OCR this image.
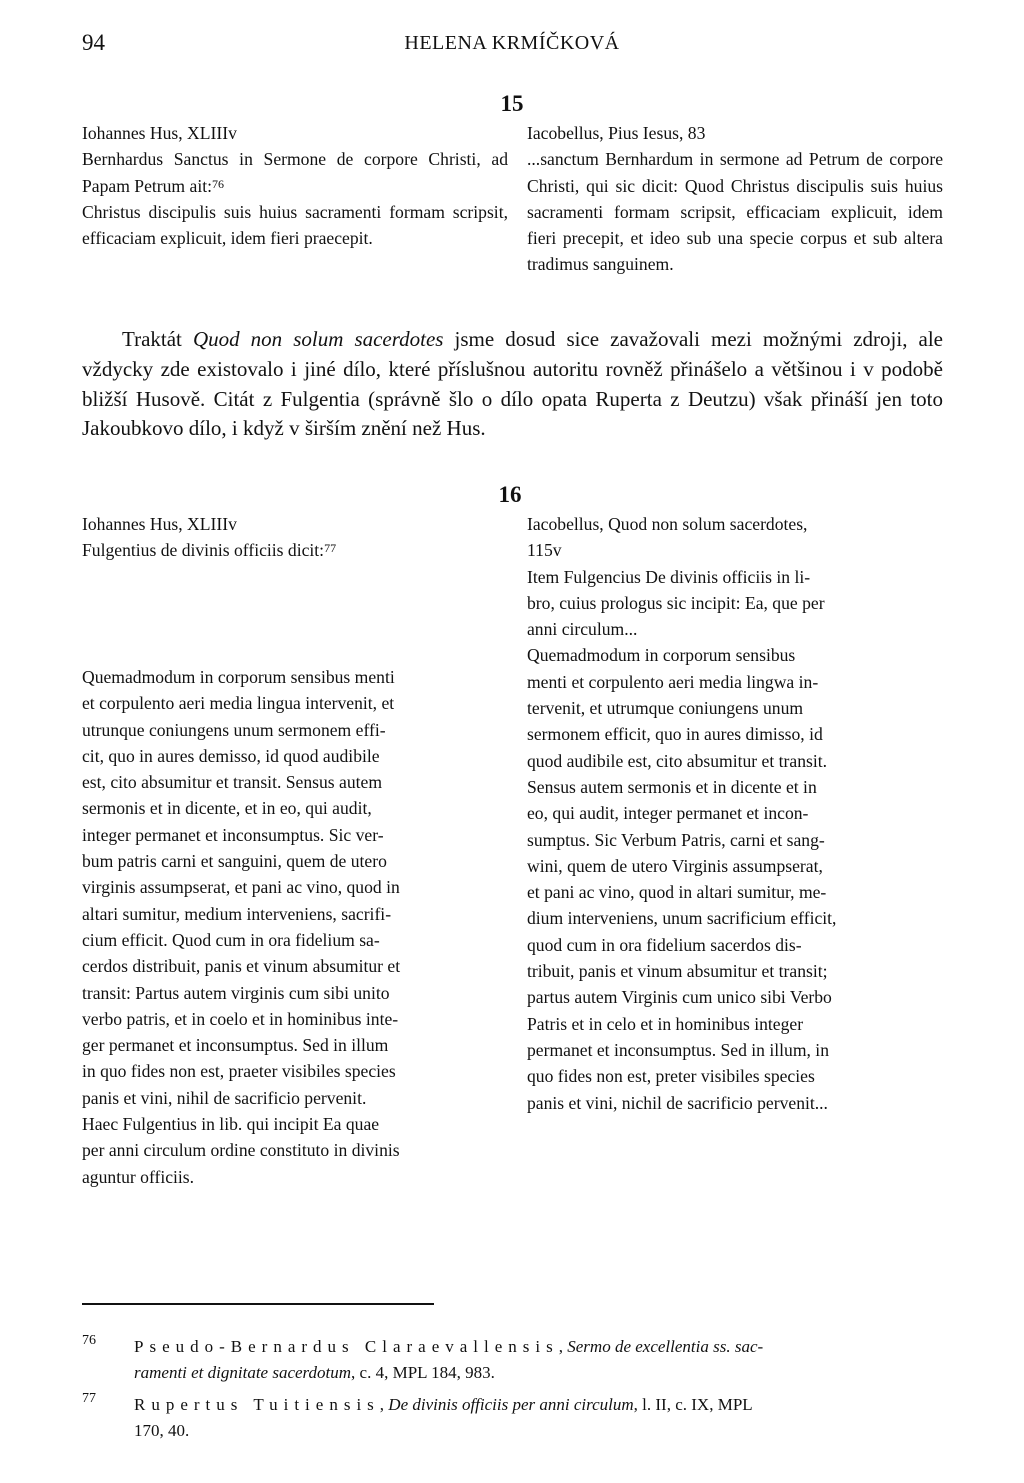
94	HELENA KRMÍČKOVÁ
15
Iohannes Hus, XLIIIv
Bernhardus Sanctus in Sermone de corpore Christi, ad Papam Petrum ait:$^{76}$
Christus discipulis suis huius sacramenti formam scripsit, efficaciam explicuit, idem fieri praecepit.
Iacobellus, Pius Iesus, 83
...sanctum Bernhardum in sermone ad Petrum de corpore Christi, qui sic dicit: Quod Christus discipulis suis huius sacramenti formam scripsit, efficaciam explicuit, idem fieri precepit, et ideo sub una specie corpus et sub altera tradimus sanguinem.
Traktát Quod non solum sacerdotes jsme dosud sice zavažovali mezi možnými zdroji, ale vždycky zde existovalo i jiné dílo, které příslušnou autoritu rovněž přinášelo a většinou i v podobě bližší Husově. Citát z Fulgentia (správně šlo o dílo opata Ruperta z Deutzu) však přináší jen toto Jakoubkovo dílo, i když v širším znění než Hus.
16
Iohannes Hus, XLIIIv
Fulgentius de divinis officiis dicit:$^{77}$
Quemadmodum in corporum sensibus menti
et corpulento aeri media lingua intervenit, et
utrunque coniungens unum sermonem effi-
cit, quo in aures demisso, id quod audibile
est, cito absumitur et transit. Sensus autem
sermonis et in dicente, et in eo, qui audit,
integer permanet et inconsumptus. Sic ver-
bum patris carni et sanguini, quem de utero
virginis assumpserat, et pani ac vino, quod in
altari sumitur, medium interveniens, sacrifi-
cium efficit. Quod cum in ora fidelium sa-
cerdos distribuit, panis et vinum absumitur et
transit: Partus autem virginis cum sibi unito
verbo patris, et in coelo et in hominibus inte-
ger permanet et inconsumptus. Sed in illum
in quo fides non est, praeter visibiles species
panis et vini, nihil de sacrificio pervenit.
Haec Fulgentius in lib. qui incipit Ea quae
per anni circulum ordine constituto in divinis
aguntur officiis.
Iacobellus, Quod non solum sacerdotes,
115v
Item Fulgencius De divinis officiis in li-
bro, cuius prologus sic incipit: Ea, que per
anni circulum...
Quemadmodum in corporum sensibus
menti et corpulento aeri media lingwa in-
tervenit, et utrumque coniungens unum
sermonem efficit, quo in aures dimisso, id
quod audibile est, cito absumitur et transit.
Sensus autem sermonis et in dicente et in
eo, qui audit, integer permanet et incon-
sumptus. Sic Verbum Patris, carni et sang-
wini, quem de utero Virginis assumpserat,
et pani ac vino, quod in altari sumitur, me-
dium interveniens, unum sacrificium efficit,
quod cum in ora fidelium sacerdos dis-
tribuit, panis et vinum absumitur et transit;
partus autem Virginis cum unico sibi Verbo
Patris et in celo et in hominibus integer
permanet et inconsumptus. Sed in illum, in
quo fides non est, preter visibiles species
panis et vini, nichil de sacrificio pervenit...
76 Pseudo-Bernardus Claraevallensis, Sermo de excellentia ss. sac-
ramenti et dignitate sacerdotum, c. 4, MPL 184, 983.
77 Rupertus Tuitiensis, De divinis officiis per anni circulum, l. II, c. IX, MPL
170, 40.
